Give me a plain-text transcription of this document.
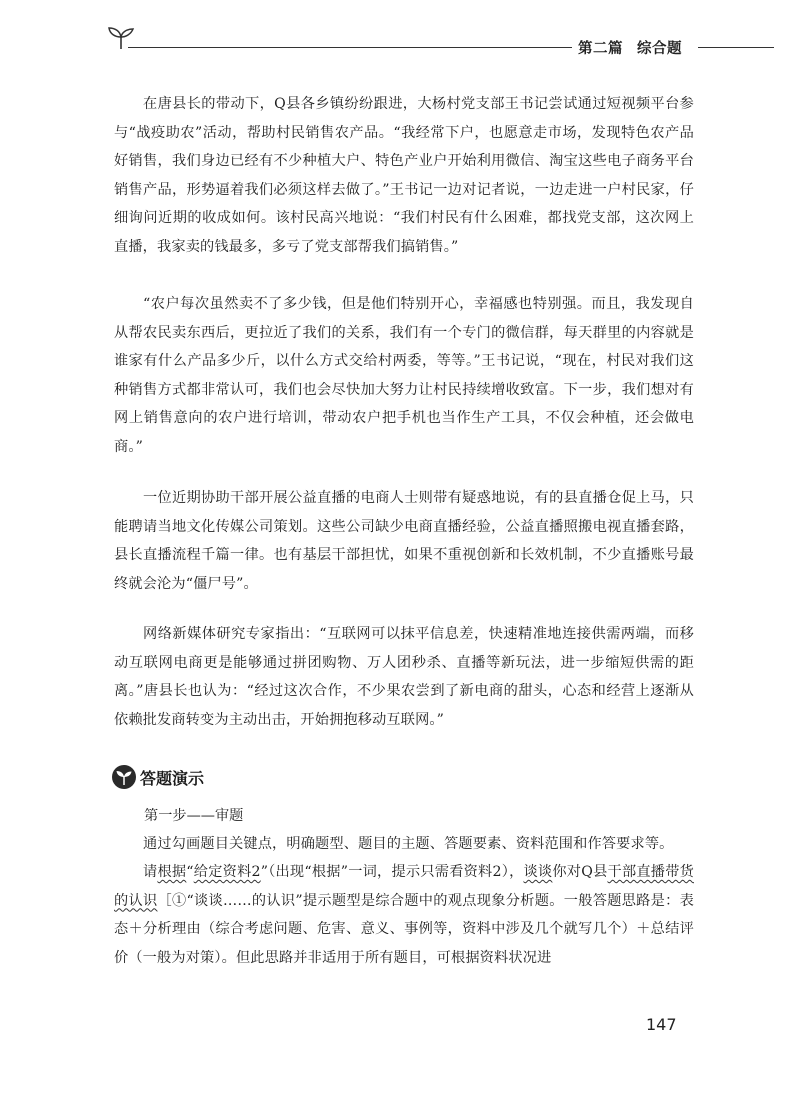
第二篇 综合题

在唐县长的带动下，Q县各乡镇纷纷跟进，大杨村党支部王书记尝试通过短视频平台参与“战疫助农”活动，帮助村民销售农产品。“我经常下户，也愿意走市场，发现特色农产品好销售，我们身边已经有不少种植大户、特色产业户开始利用微信、淘宝这些电子商务平台销售产品，形势逼着我们必须这样去做了。”王书记一边对记者说，一边走进一户村民家，仔细询问近期的收成如何。该村民高兴地说：“我们村民有什么困难，都找党支部，这次网上直播，我家卖的钱最多，多亏了党支部帮我们搞销售。”

“农户每次虽然卖不了多少钱，但是他们特别开心，幸福感也特别强。而且，我发现自从帮农民卖东西后，更拉近了我们的关系，我们有一个专门的微信群，每天群里的内容就是谁家有什么产品多少斤，以什么方式交给村两委，等等。”王书记说，“现在，村民对我们这种销售方式都非常认可，我们也会尽快加大努力让村民持续增收致富。下一步，我们想对有网上销售意向的农户进行培训，带动农户把手机也当作生产工具，不仅会种植，还会做电商。”

一位近期协助干部开展公益直播的电商人士则带有疑惑地说，有的县直播仓促上马，只能聘请当地文化传媒公司策划。这些公司缺少电商直播经验，公益直播照搬电视直播套路，县长直播流程千篇一律。也有基层干部担忧，如果不重视创新和长效机制，不少直播账号最终就会沦为“僵尸号”。

网络新媒体研究专家指出：“互联网可以抹平信息差，快速精准地连接供需两端，而移动互联网电商更是能够通过拼团购物、万人团秒杀、直播等新玩法，进一步缩短供需的距离。”唐县长也认为：“经过这次合作，不少果农尝到了新电商的甜头，心态和经营上逐渐从依赖批发商转变为主动出击，开始拥抱移动互联网。”

答题演示
第一步——审题

通过勾画题目关键点，明确题型、题目的主题、答题要素、资料范围和作答要求等。

请根据“给定资料2”（出现“根据”一词，提示只需看资料2），谈谈你对Q县干部直播带货的认识［①“谈谈……的认识”提示题型是综合题中的观点现象分析题。一般答题思路是：表态＋分析理由（综合考虑问题、危害、意义、事例等，资料中涉及几个就写几个）＋总结评价（一般为对策）。但此思路并非适用于所有题目，可根据资料状况进

147
